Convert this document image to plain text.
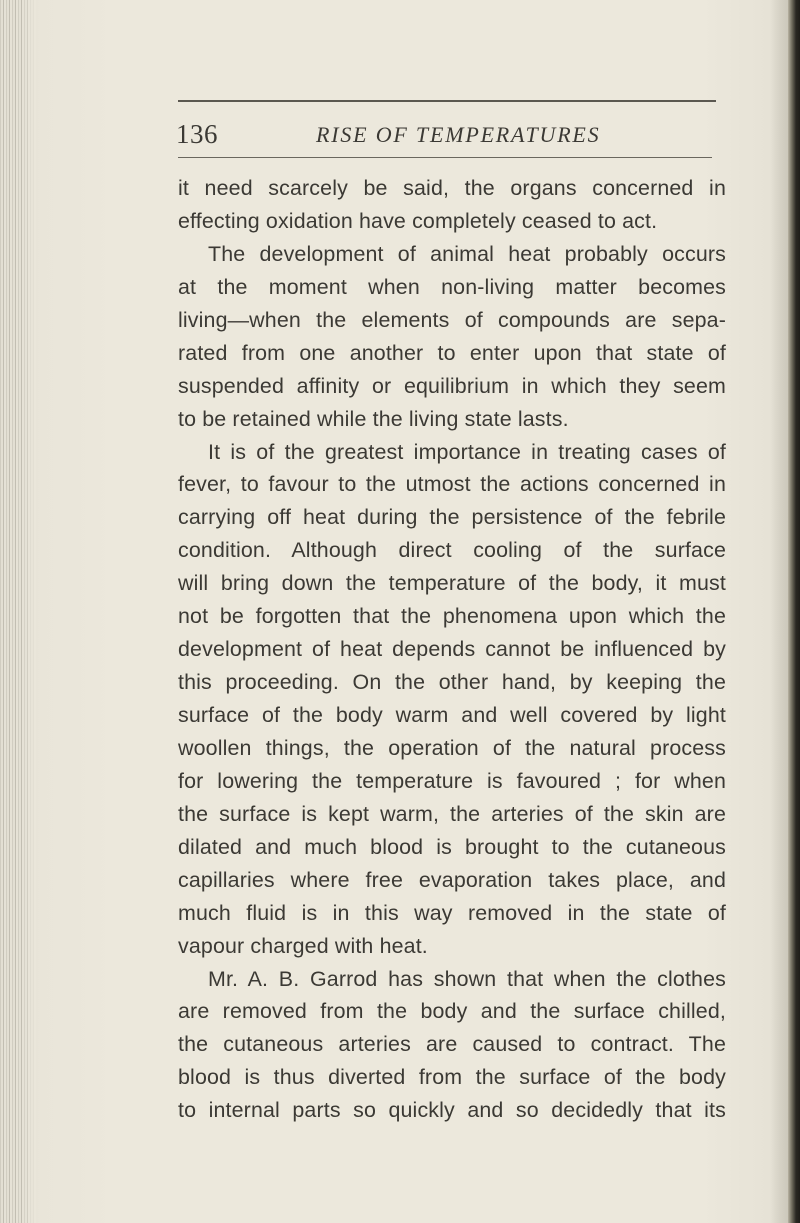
136	RISE OF TEMPERATURES
it need scarcely be said, the organs concerned in
effecting oxidation have completely ceased to act.
The development of animal heat probably occurs
at the moment when non-living matter becomes
living—when the elements of compounds are sepa-
rated from one another to enter upon that state of
suspended affinity or equilibrium in which they seem
to be retained while the living state lasts.
It is of the greatest importance in treating cases of
fever, to favour to the utmost the actions concerned in
carrying off heat during the persistence of the febrile
condition. Although direct cooling of the surface
will bring down the temperature of the body, it must
not be forgotten that the phenomena upon which the
development of heat depends cannot be influenced by
this proceeding. On the other hand, by keeping the
surface of the body warm and well covered by light
woollen things, the operation of the natural process
for lowering the temperature is favoured ; for when
the surface is kept warm, the arteries of the skin are
dilated and much blood is brought to the cutaneous
capillaries where free evaporation takes place, and
much fluid is in this way removed in the state of
vapour charged with heat.
Mr. A. B. Garrod has shown that when the clothes
are removed from the body and the surface chilled,
the cutaneous arteries are caused to contract. The
blood is thus diverted from the surface of the body
to internal parts so quickly and so decidedly that its
